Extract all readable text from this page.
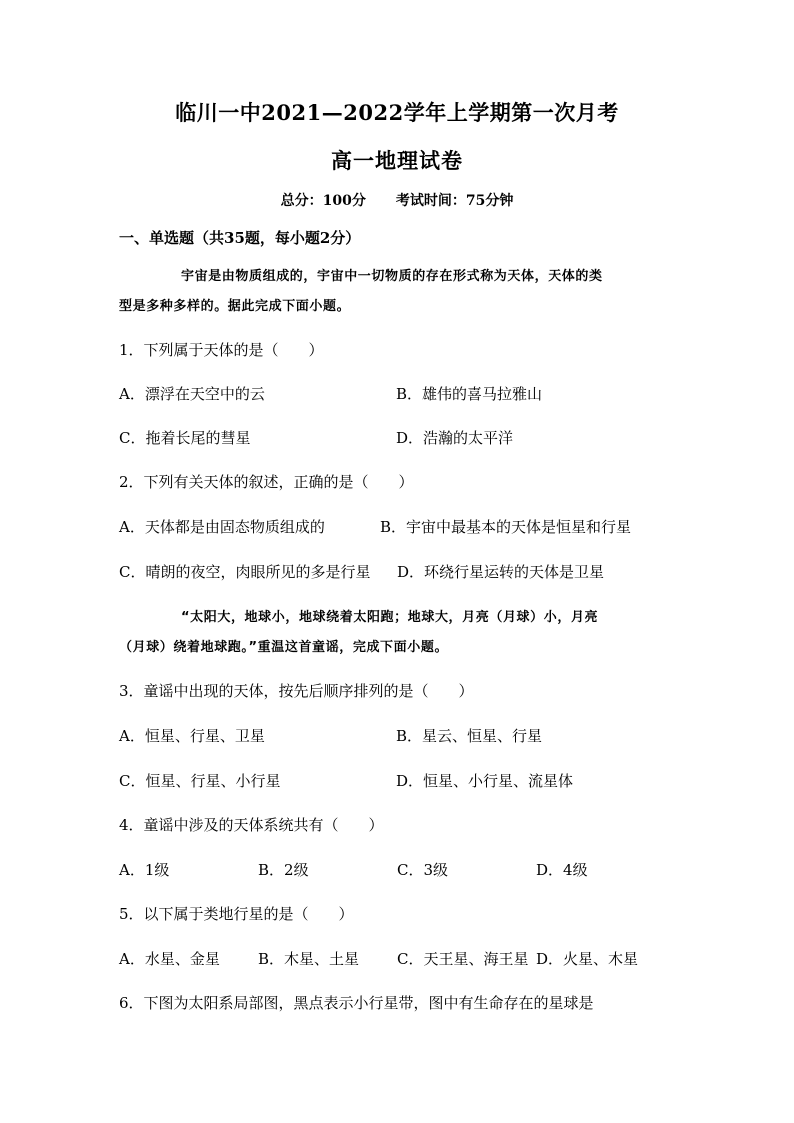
临川一中2021—2022学年上学期第一次月考
高一地理试卷
总分：100分 考试时间：75分钟
一、单选题（共35题，每小题2分）
宇宙是由物质组成的，宇宙中一切物质的存在形式称为天体，天体的类
型是多种多样的。据此完成下面小题。
1．下列属于天体的是（　　）
A．漂浮在天空中的云	B．雄伟的喜马拉雅山
C．拖着长尾的彗星	D．浩瀚的太平洋
2．下列有关天体的叙述，正确的是（　　）
A．天体都是由固态物质组成的	B．宇宙中最基本的天体是恒星和行星
C．晴朗的夜空，肉眼所见的多是行星 D．环绕行星运转的天体是卫星
“太阳大，地球小，地球绕着太阳跑；地球大，月亮（月球）小，月亮
（月球）绕着地球跑。”重温这首童谣，完成下面小题。
3．童谣中出现的天体，按先后顺序排列的是（　　）
A．恒星、行星、卫星	B．星云、恒星、行星
C．恒星、行星、小行星	D．恒星、小行星、流星体
4．童谣中涉及的天体系统共有（　　）
A．1级	B．2级	C．3级	D．4级
5．以下属于类地行星的是（　　）
A．水星、金星	B．木星、土星	C．天王星、海王星 D．火星、木星
6．下图为太阳系局部图，黑点表示小行星带，图中有生命存在的星球是
